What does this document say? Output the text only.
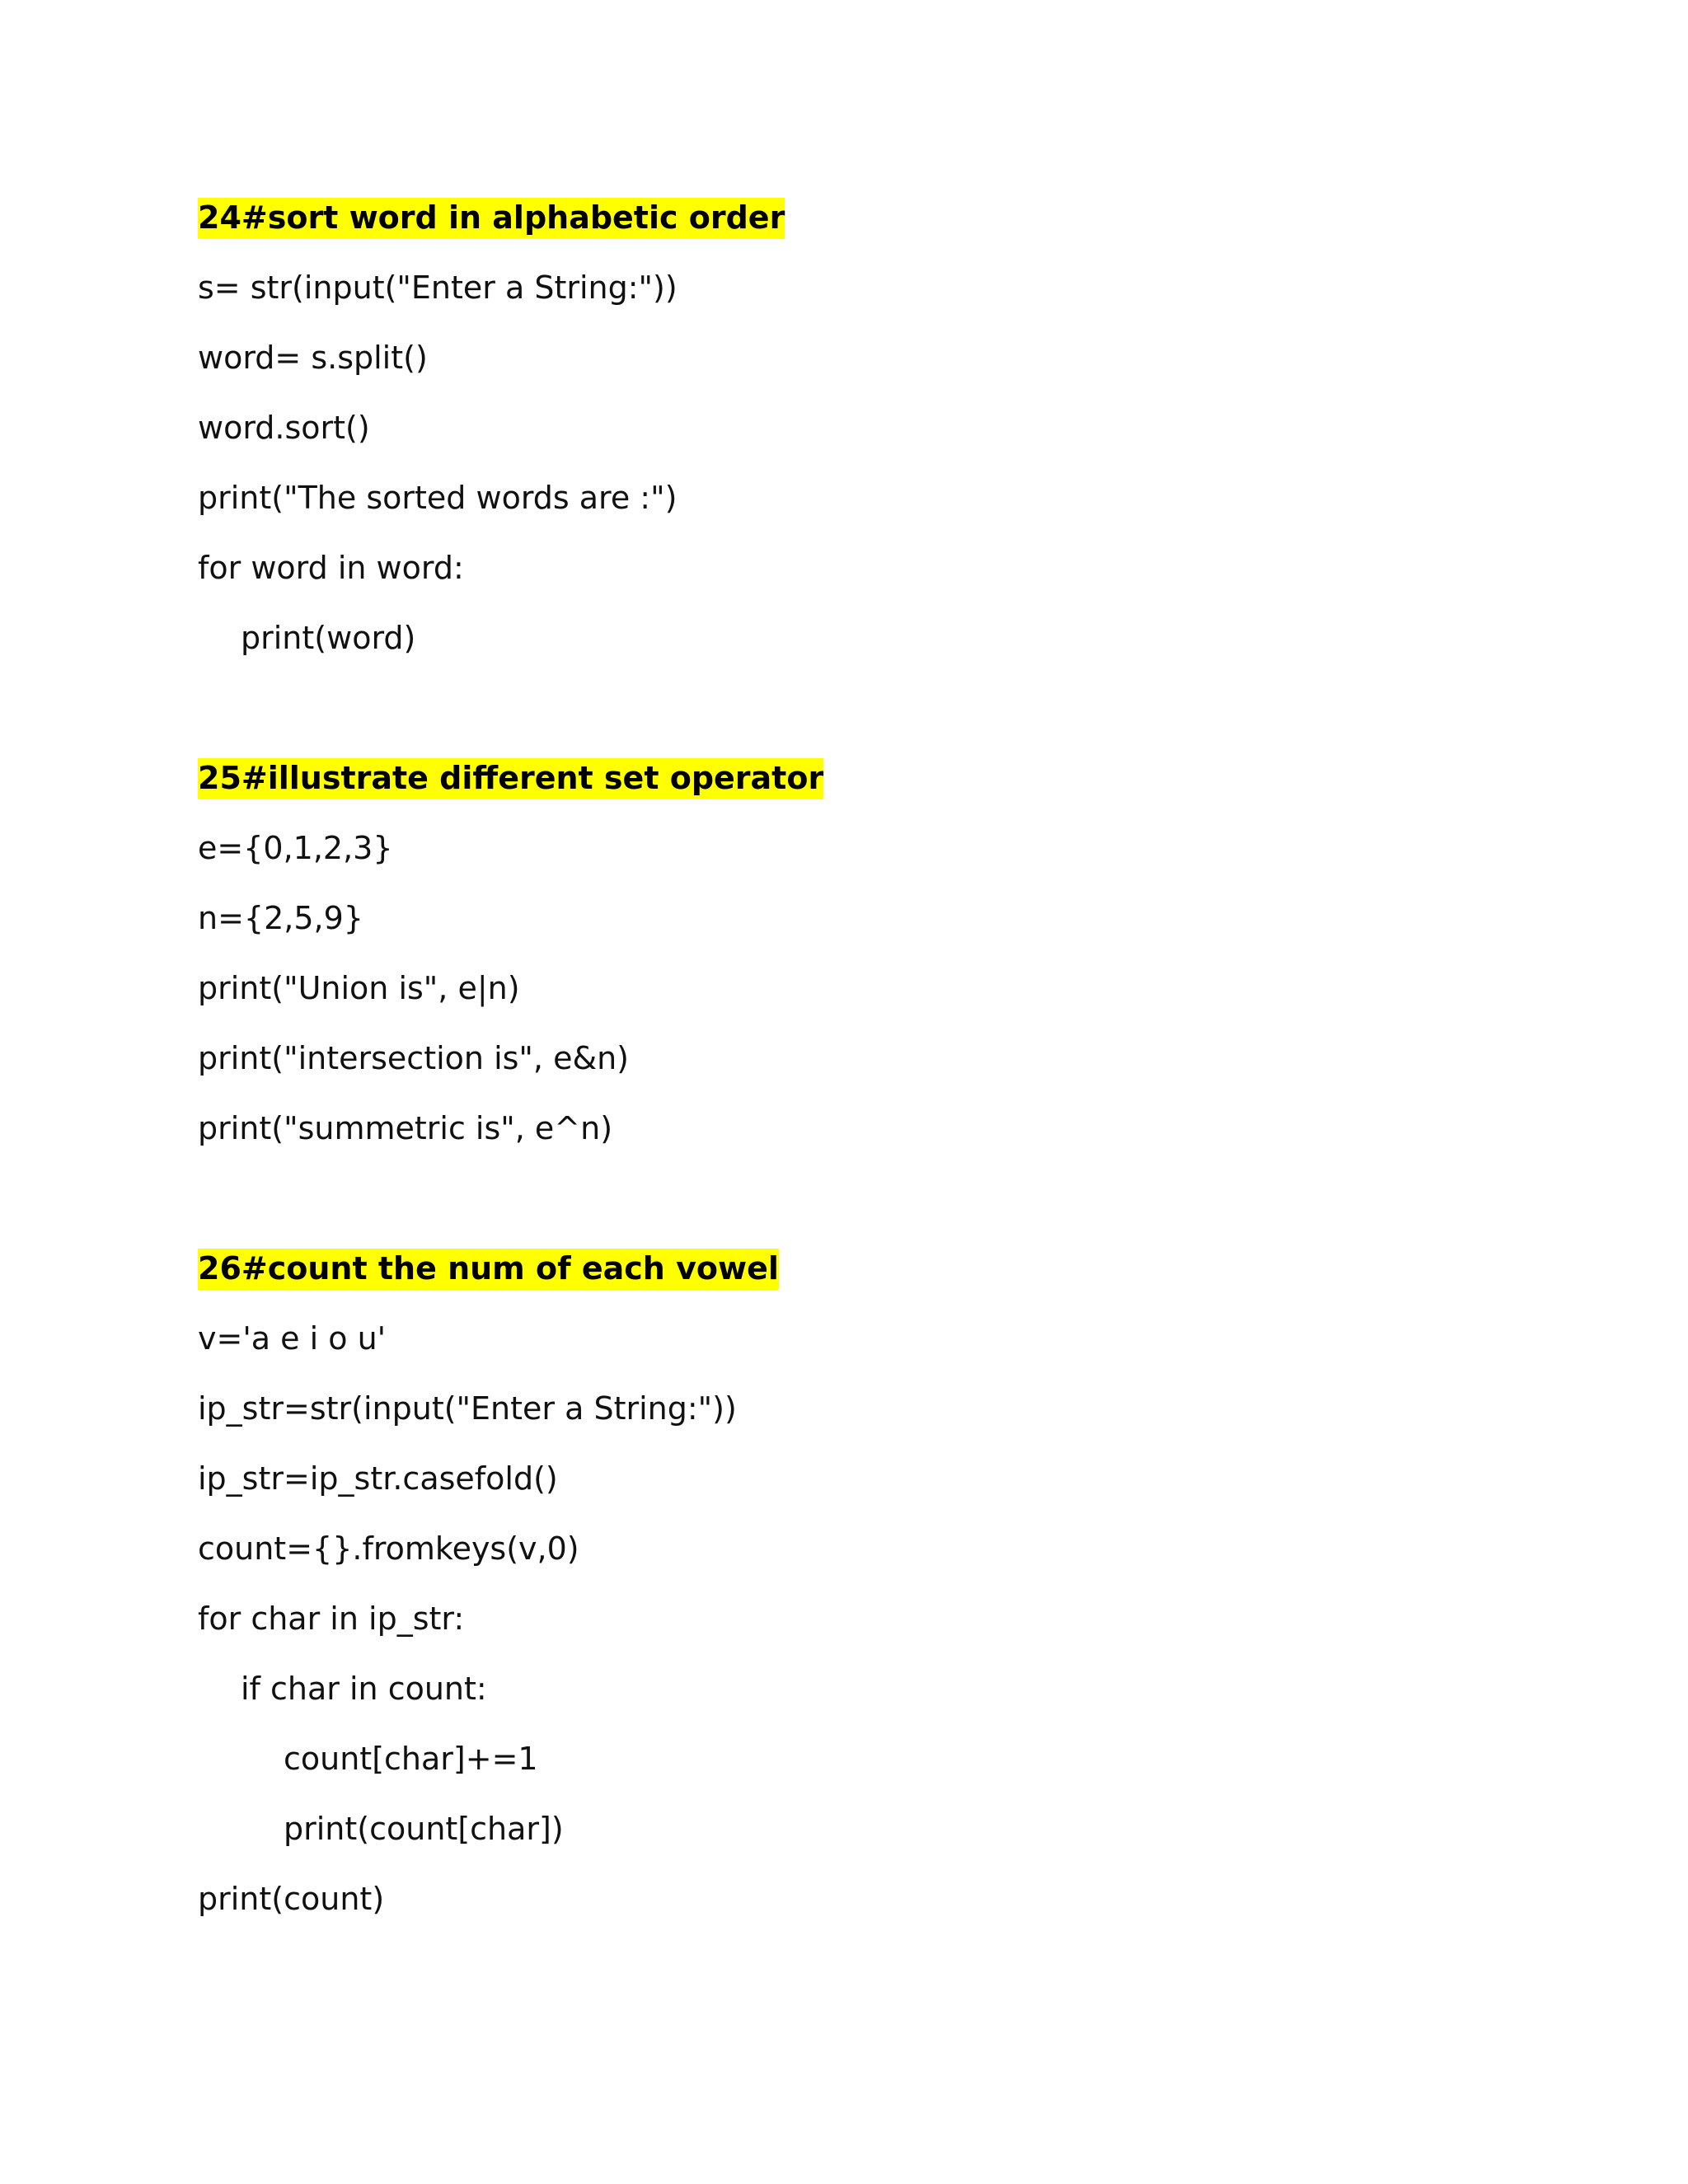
24#sort word in alphabetic order
s= str(input("Enter a String:"))
word= s.split()
word.sort()
print("The sorted words are :")
for word in word:
print(word)
25#illustrate different set operator
e={0,1,2,3}
n={2,5,9}
print("Union is", e|n)
print("intersection is", e&n)
print("summetric is", e^n)
26#count the num of each vowel
v='a e i o u'
ip_str=str(input("Enter a String:"))
ip_str=ip_str.casefold()
count={}.fromkeys(v,0)
for char in ip_str:
if char in count:
count[char]+=1
print(count[char])
print(count)
